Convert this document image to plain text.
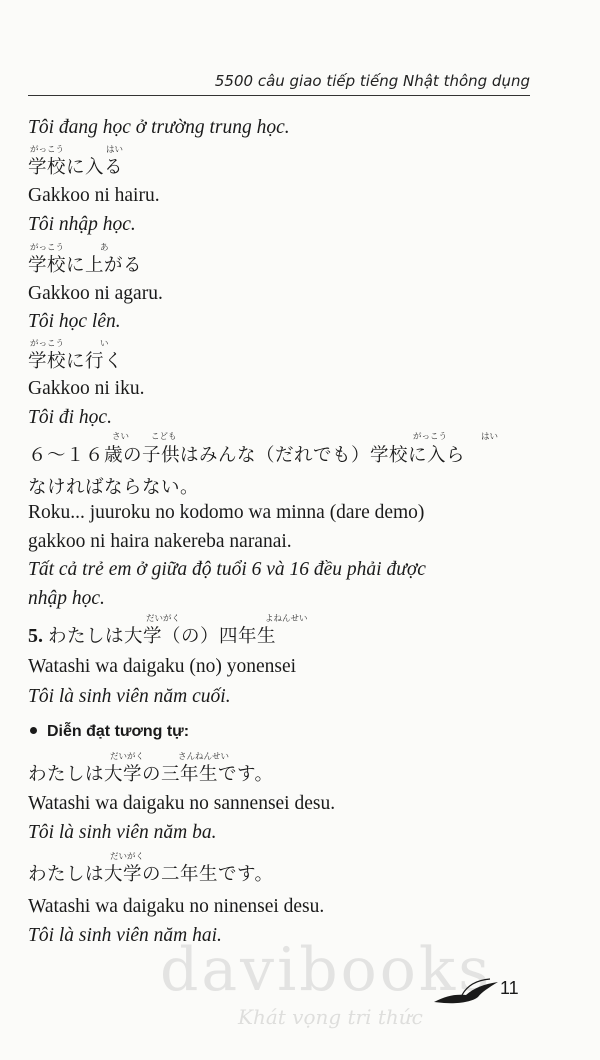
5500 câu giao tiếp tiếng Nhật thông dụng
Tôi đang học ở trường trung học.
がっこう	はい
学校に入る
Gakkoo ni hairu.
Tôi nhập học.
がっこう	あ
学校に上がる
Gakkoo ni agaru.
Tôi học lên.
がっこう	い
学校に行く
Gakkoo ni iku.
Tôi đi học.
さい	こども	がっこう	はい
６～１６歳の子供はみんな（だれでも）学校に入ら
なければならない。
Roku... juuroku no kodomo wa minna (dare demo)
gakkoo ni haira nakereba naranai.
Tất cả trẻ em ở giữa độ tuổi 6 và 16 đều phải được
nhập học.
だいがく	よねんせい
5. わたしは大学（の）四年生
Watashi wa daigaku (no) yonensei
Tôi là sinh viên năm cuối.
Diễn đạt tương tự:
だいがく	さんねんせい
わたしは大学の三年生です。
Watashi wa daigaku no sannensei desu.
Tôi là sinh viên năm ba.
だいがく
わたしは大学の二年生です。
Watashi wa daigaku no ninensei desu.
Tôi là sinh viên năm hai.
davibooks
Khát vọng tri thức
11
